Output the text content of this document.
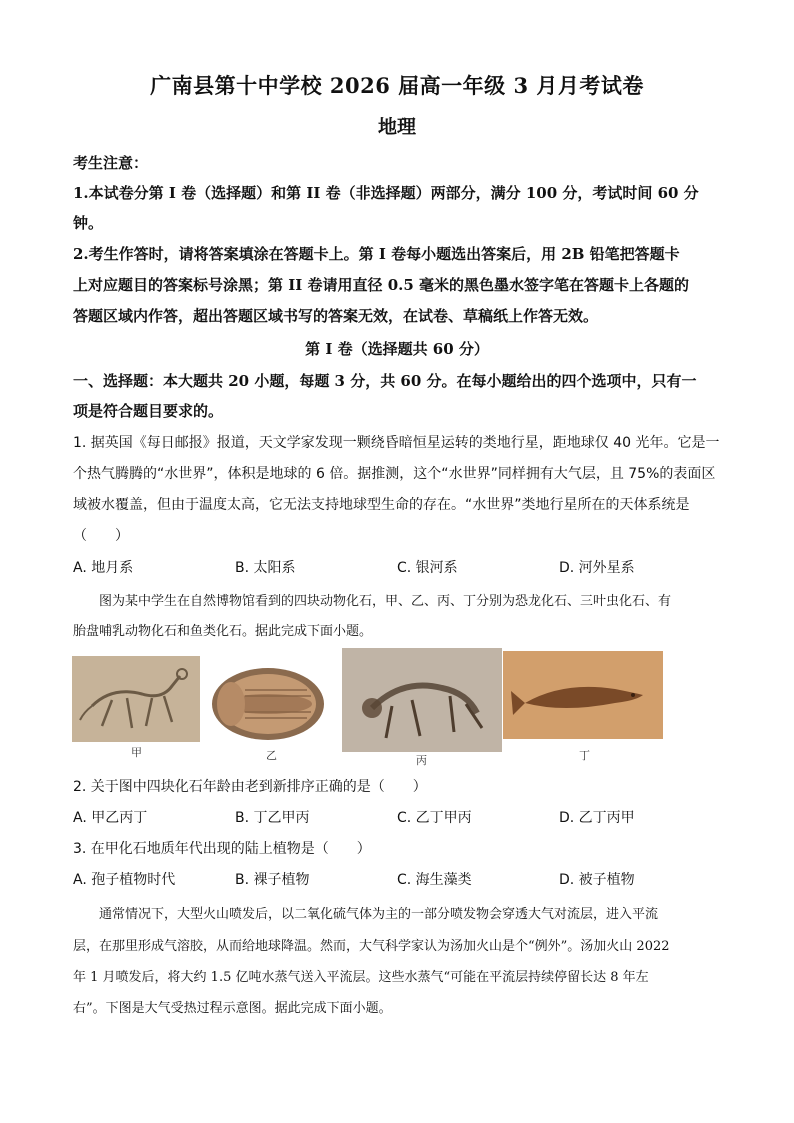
广南县第十中学校 2026 届高一年级 3 月月考试卷
地理
考生注意：
1.本试卷分第 I 卷（选择题）和第 II 卷（非选择题）两部分，满分 100 分，考试时间 60 分
钟。
2.考生作答时，请将答案填涂在答题卡上。第 I 卷每小题选出答案后，用 2B 铅笔把答题卡
上对应题目的答案标号涂黑；第 II 卷请用直径 0.5 毫米的黑色墨水签字笔在答题卡上各题的
答题区域内作答，超出答题区域书写的答案无效，在试卷、草稿纸上作答无效。
第 I 卷（选择题共 60 分）
一、选择题：本大题共 20 小题，每题 3 分，共 60 分。在每小题给出的四个选项中，只有一
项是符合题目要求的。
1. 据英国《每日邮报》报道，天文学家发现一颗绕昏暗恒星运转的类地行星，距地球仅 40 光年。它是一
个热气腾腾的“水世界”，体积是地球的 6 倍。据推测，这个“水世界”同样拥有大气层，且 75%的表面区
域被水覆盖，但由于温度太高，它无法支持地球型生命的存在。“水世界”类地行星所在的天体系统是
（　　）
A. 地月系	B. 太阳系	C. 银河系	D. 河外星系
　　图为某中学生在自然博物馆看到的四块动物化石，甲、乙、丙、丁分别为恐龙化石、三叶虫化石、有
胎盘哺乳动物化石和鱼类化石。据此完成下面小题。
甲	乙	丙	丁
2. 关于图中四块化石年龄由老到新排序正确的是（　　）
A. 甲乙丙丁	B. 丁乙甲丙	C. 乙丁甲丙	D. 乙丁丙甲
3. 在甲化石地质年代出现的陆上植物是（　　）
A. 孢子植物时代	B. 裸子植物	C. 海生藻类	D. 被子植物
　　通常情况下，大型火山喷发后，以二氧化硫气体为主的一部分喷发物会穿透大气对流层，进入平流
层，在那里形成气溶胶，从而给地球降温。然而，大气科学家认为汤加火山是个“例外”。汤加火山 2022
年 1 月喷发后，将大约 1.5 亿吨水蒸气送入平流层。这些水蒸气“可能在平流层持续停留长达 8 年左
右”。下图是大气受热过程示意图。据此完成下面小题。
